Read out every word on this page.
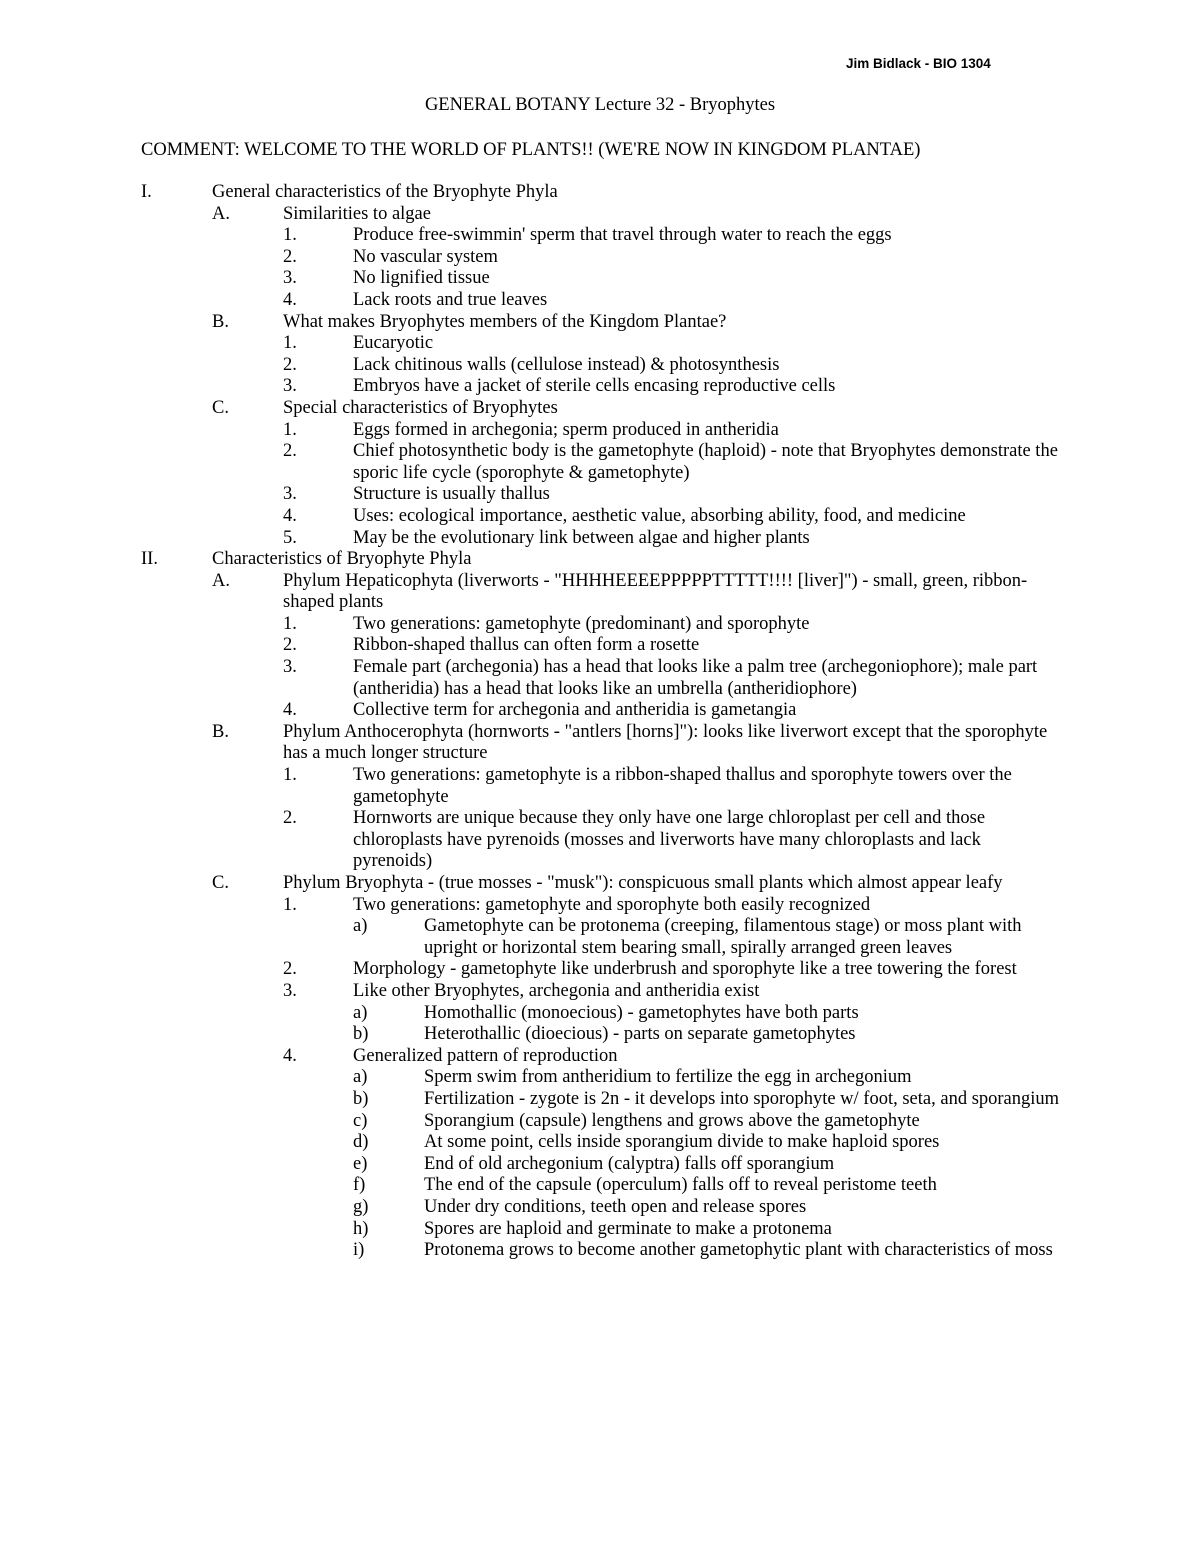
Jim Bidlack - BIO 1304
GENERAL BOTANY Lecture 32 - Bryophytes
COMMENT: WELCOME TO THE WORLD OF PLANTS!! (WE'RE NOW IN KINGDOM PLANTAE)
I.	General characteristics of the Bryophyte Phyla
A.	Similarities to algae
1.	Produce free-swimmin' sperm that travel through water to reach the eggs
2.	No vascular system
3.	No lignified tissue
4.	Lack roots and true leaves
B.	What makes Bryophytes members of the Kingdom Plantae?
1.	Eucaryotic
2.	Lack chitinous walls (cellulose instead) & photosynthesis
3.	Embryos have a jacket of sterile cells encasing reproductive cells
C.	Special characteristics of Bryophytes
1.	Eggs formed in archegonia; sperm produced in antheridia
2.	Chief photosynthetic body is the gametophyte (haploid) - note that Bryophytes demonstrate the sporic life cycle (sporophyte & gametophyte)
3.	Structure is usually thallus
4.	Uses: ecological importance, aesthetic value, absorbing ability, food, and medicine
5.	May be the evolutionary link between algae and higher plants
II.	Characteristics of Bryophyte Phyla
A.	Phylum Hepaticophyta (liverworts - "HHHHEEEEPPPPPTTTTT!!!! [liver]") - small, green, ribbon-shaped plants
1.	Two generations: gametophyte (predominant) and sporophyte
2.	Ribbon-shaped thallus can often form a rosette
3.	Female part (archegonia) has a head that looks like a palm tree (archegoniophore); male part (antheridia) has a head that looks like an umbrella (antheridiophore)
4.	Collective term for archegonia and antheridia is gametangia
B.	Phylum Anthocerophyta (hornworts - "antlers [horns]"): looks like liverwort except that the sporophyte has a much longer structure
1.	Two generations: gametophyte is a ribbon-shaped thallus and sporophyte towers over the gametophyte
2.	Hornworts are unique because they only have one large chloroplast per cell and those chloroplasts have pyrenoids (mosses and liverworts have many chloroplasts and lack pyrenoids)
C.	Phylum Bryophyta - (true mosses - "musk"): conspicuous small plants which almost appear leafy
1.	Two generations: gametophyte and sporophyte both easily recognized
a)	Gametophyte can be protonema (creeping, filamentous stage) or moss plant with upright or horizontal stem bearing small, spirally arranged green leaves
2.	Morphology - gametophyte like underbrush and sporophyte like a tree towering the forest
3.	Like other Bryophytes, archegonia and antheridia exist
a)	Homothallic (monoecious) - gametophytes have both parts
b)	Heterothallic (dioecious) - parts on separate gametophytes
4.	Generalized pattern of reproduction
a)	Sperm swim from antheridium to fertilize the egg in archegonium
b)	Fertilization - zygote is 2n - it develops into sporophyte w/ foot, seta, and sporangium
c)	Sporangium (capsule) lengthens and grows above the gametophyte
d)	At some point, cells inside sporangium divide to make haploid spores
e)	End of old archegonium (calyptra) falls off sporangium
f)	The end of the capsule (operculum) falls off to reveal peristome teeth
g)	Under dry conditions, teeth open and release spores
h)	Spores are haploid and germinate to make a protonema
i)	Protonema grows to become another gametophytic plant with characteristics of moss
